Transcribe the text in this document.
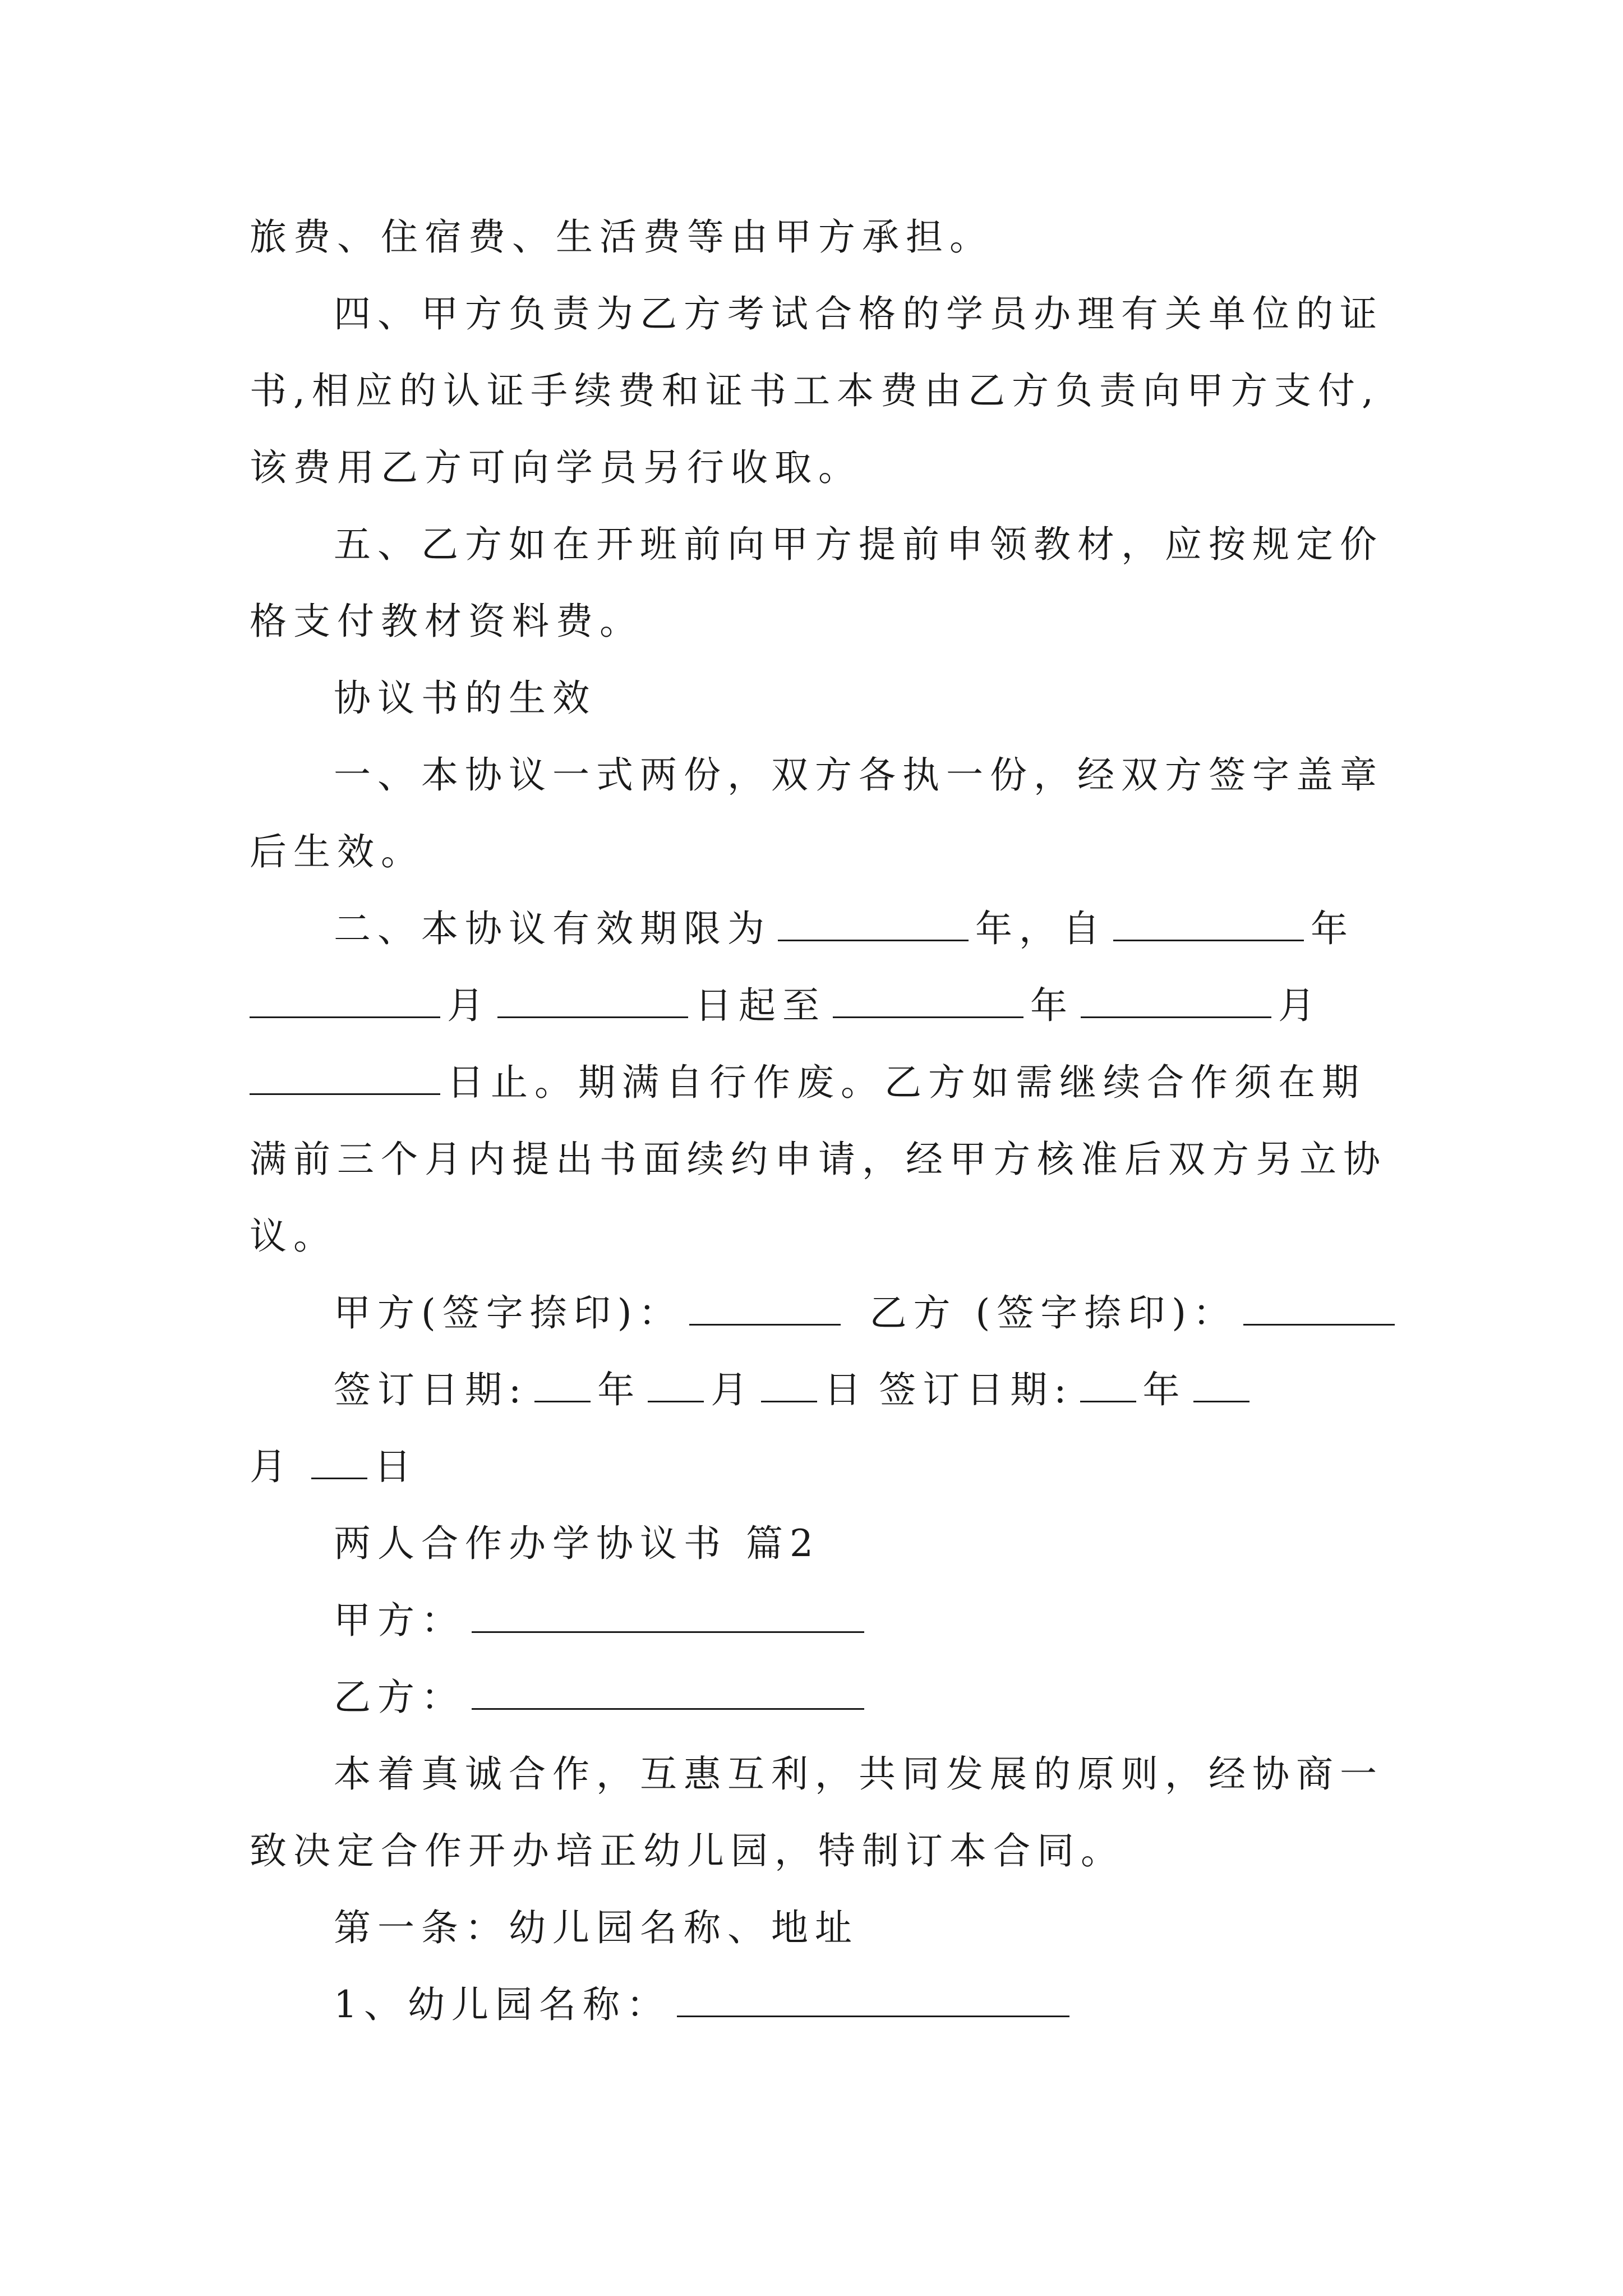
旅费、住宿费、生活费等由甲方承担。
四、甲方负责为乙方考试合格的学员办理有关单位的证
书,相应的认证手续费和证书工本费由乙方负责向甲方支付,
该费用乙方可向学员另行收取。
五、乙方如在开班前向甲方提前申领教材，应按规定价
格支付教材资料费。
协议书的生效
一、本协议一式两份，双方各执一份，经双方签字盖章
后生效。
二、本协议有效期限为	年，自	年
月	日起至	年	月
日止。期满自行作废。乙方如需继续合作须在期
满前三个月内提出书面续约申请，经甲方核准后双方另立协
议。
甲方(签字捺印)：	乙方 (签字捺印)：
签订日期: 年 月 日 签订日期: 年
月 日
两人合作办学协议书 篇2
甲方：
乙方：
本着真诚合作，互惠互利，共同发展的原则，经协商一
致决定合作开办培正幼儿园，特制订本合同。
第一条：幼儿园名称、地址
1、幼儿园名称：
